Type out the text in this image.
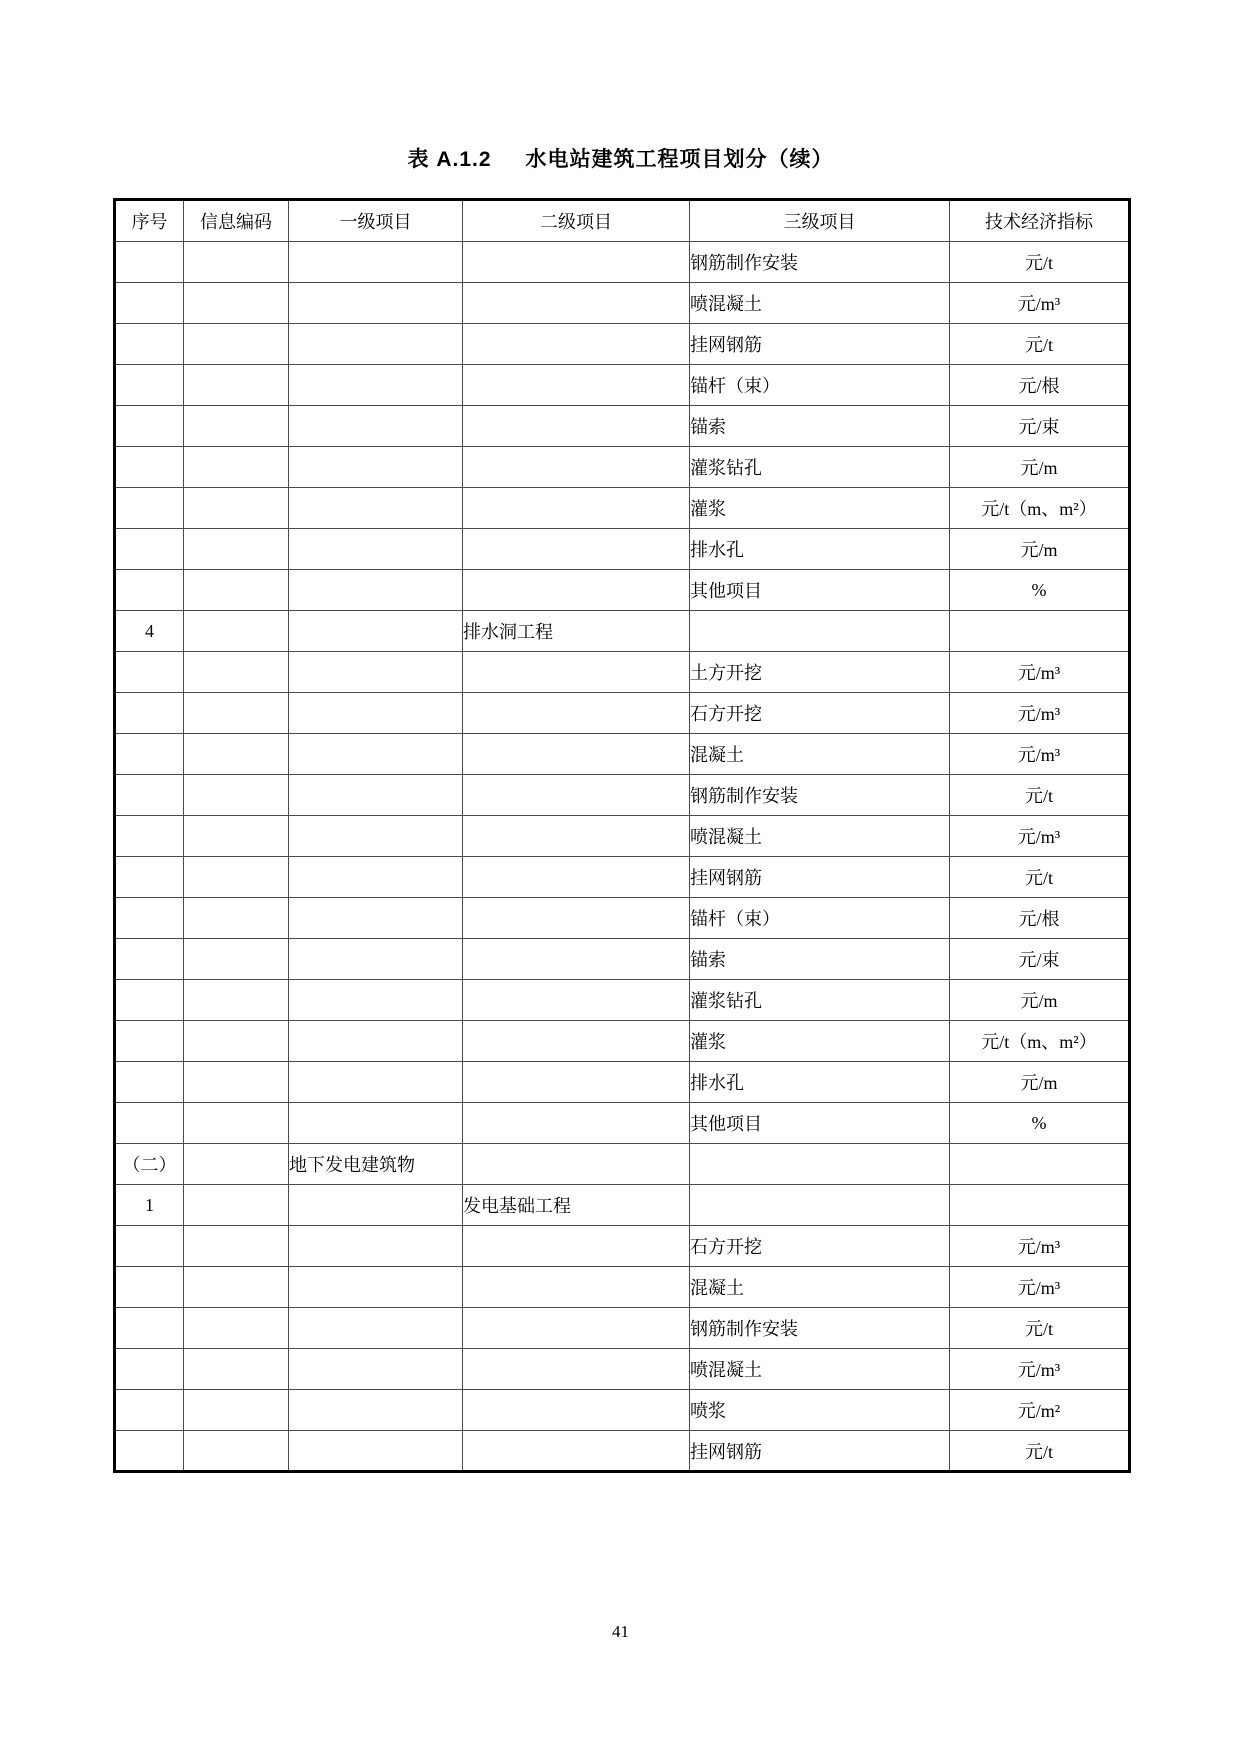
表 A.1.2 水电站建筑工程项目划分（续）
序号	信息编码	一级项目	二级项目	三级项目	技术经济指标
				钢筋制作安装	元/t
				喷混凝土	元/m³
				挂网钢筋	元/t
				锚杆（束）	元/根
				锚索	元/束
				灌浆钻孔	元/m
				灌浆	元/t（m、m²）
				排水孔	元/m
				其他项目	%
4			排水洞工程		
				土方开挖	元/m³
				石方开挖	元/m³
				混凝土	元/m³
				钢筋制作安装	元/t
				喷混凝土	元/m³
				挂网钢筋	元/t
				锚杆（束）	元/根
				锚索	元/束
				灌浆钻孔	元/m
				灌浆	元/t（m、m²）
				排水孔	元/m
				其他项目	%
（二）		地下发电建筑物			
1			发电基础工程		
				石方开挖	元/m³
				混凝土	元/m³
				钢筋制作安装	元/t
				喷混凝土	元/m³
				喷浆	元/m²
				挂网钢筋	元/t
41
